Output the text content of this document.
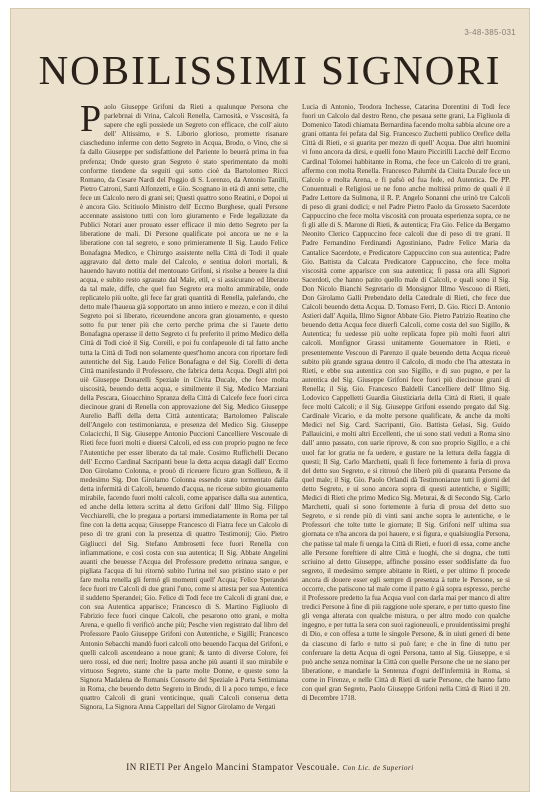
3-48-385-031
NOBILISSIMI SIGNORI

Paolo Giuseppe Grifoni da Rieti a qualunque Persona che parlebrnai di Vrina, Calcoli Renella, Carnosità, e Vsscosità, fa sapere che egli possiede un Segreto con efficace, che coll' aiuto dell' Altissimo, e S. Liborio glorioso, promette risanare ciascheduno inferme con detto Segreto in Acqua, Brodo, o Vino, che si fa dallo Giuseppe per sodisfattione del Pariente lo beuerà prima in fua prefenza; Onde questo gran Segreto è stato sperimentato da molti conforme tiendene da seguiti qui sotto cioè da Bartolomeo Ricci Romano, da Cesare Nardi del Poggio di S. Lorenzo, da Antonio Tanilli, Pietro Catroni, Santi Alfonzetti, e Gio. Scognano in età di anni sette, che fece un Calcolo nero di grani sei; Questi quattro sono Reatini, e Dopoi ui è ancora Gio. Scitiuolo Ministro dell' Eccmo Burghese, quali Persone accennate assistono tutti con loro giuramento e Fede legalizzate da Publici Notari auer prouato esser efficace il mio detto Segreto per la liberatione de mali. Di Persone qualificate poi ancora ue ne e la liberatione con tal segreto, e sono primieramente Il Sig. Laudo Felice Bonafagna Medico, e Chirurgo assistente nella Città di Todi il quale aggravato dal detto male del Calcolo, e sentiua dolori mortali, & hauendo havuto notitia del mentouato Grifoni, si risolse a beuere la diui acqua, e subito resto sgrauato dal Male, etil, e si assicurano ed liberato da tal male, diffe, che quel fuo Segreto era molto ammirabile, onde replicatelo più uolte, gli fece far grati quantità di Renella, palefando, che detto male l'haueua già sopportato un anno intiero e mezzo, e con il dilui Segreto poi si liberato, riceuendone ancora gran giouamento, e questo sotto fu pur tener più che certo perche prima che si l'auete detto Bonafagna operasse il detto Segreto ci fu preferito il primo Medico della Città di Todi cioè il Sig. Coreili, e poi fu confapeuole di tal fatto anche tutta la Città di Todi non solamente quest'homo ancora con riportare fedi autentiche del Sig. Laudo Felice Bonafagna e del Sig. Corelli di detta Città manifestando il Professore, che fabrica detta Acqua. Degli altri poi uiè Giuseppe Donarelli Speziale in Civita Ducale, che fece molta uiscosità, beuendo detta acqua, e similmente il Sig. Medico Marziani della Pescara, Gioacchino Spranza della Città di Calcefe fece fuori circa diecinoue grani di Renella con approvazione del Sig. Medico Giuseppe Aurelio Baffi della detta Città autenticata; Bartolomeo Paliscale dell'Angelo con testimonianza, e presenza del Medico Sig. Giuseppe Colacicchi, Il Sig. Giuseppe Antonio Puccioni Cancelliere Vescouale di Rieti fece fuori molti e diuersi Calcoli, ed ess con proprio pugno ne fece l'Autentiche per esser liberato da tal male. Cosimo Ruffichelli Decano dell' Eccmo Cardinal Sacripanti beue la detta acqua dataglì dall' Eccmo Don Girolamo Colonna, e prouò di riceuere ficuro gran Sollieuo, & il medesimo Sig. Don Girolamo Colonna essendo stato tormentato dalla detta infermità di Calcoli, beuendo d'acqua, ne riceue subito giouamento mirabile, facendo fuori molti calcoli, come apparisce dalla sua autentica, ed anche della lettera scritta al detto Grifoni dall' Illmo Sig. Filippo Vecchiarelli, che lo pregaua a portarsi immediatamente in Roma per tal fine con la detta acqua; Giuseppe Francesco di Fiatra fece un Calcolo di peso di tre grani con la presenza di quattro Testimonij; Gio. Pietro Gigliucci del Sig. Stefano Ambrosetti fece fuori Renella con infiammatione, e così costa con sua autentica; Il Sig. Abbate Angelini auanti che beuesse l'Acqua del Professore predetto orinaua sangue, e pigliata l'acqua di lui ritornò subito l'urina nel suo pristino stato e per fare molta renella gli fermò gli momenti quell' Acqua; Felice Sperandei fece fuori tre Calcoli di due grani l'uno, come si attesta per sua Autentica il suddetto Sperandei; Gio. Felice di Todi fece tre Calcoli di grani due, e con sua Autentica apparisce; Francesco di S. Martino Figliuolo di Fabrizio fece fuori cinque Calcoli, che pesarono otto grani, e molta Arena, e quello fi verificò anche più; Pesche vien registrato dal libro del Professore Paolo Giuseppe Grifoni con Autentiche, e Sigilli; Francesco Antonio Sebacchi mandò fuori calcoli otto beuendo l'acqua del Grifoni, e quelli calcoli ascendeano a noue grani; & tanto di diverse Colore, fei uero rossi, ed due neri; Inoltre passa anche più auanti il suo mirabile e virtuoso Segreto, stante che la parte molte Donne, e queste sono la Signora Madalena de Romanis Consorte del Speziale à Porta Settimiana in Roma, che beuendo detto Segreto in Brodo, di lì a poco tempo, e fece quattro Calcoli di grani venticinque, quali Calcoli conserua detta Signora, La Signora Anna Cappellari del Signor Girolamo de Vergati

Lucia di Antonio, Teodora Inchesse, Catarina Dorentini di Todi fece fuori un Calcolo dal destro Reno, che pesaua sette grani, La Figliuola di Domenico Tatodi chiamata Bernardina facendo molta sabbia alcune ore a grani ottanta fei pefata dal Sig. Francesco Zuchetti publico Orefice della Città di Rieti, e si guarita per mezzo di quell' Acqua. Due altri huomini vi fono ancora da dirsi, e quelli fono Mauro Piccirilli Lacchè dell' Eccmo Cardinal Tolomei habbitante in Roma, che fece un Calcolo di tre grani, affermo con molta Renella. Francesco Palumbi da Ciuita Ducale fece un Calcolo e molta Arena, e fi pafsò ed fua fede, ed Autentica. De PP. Conuentuali e Religiosi ue ne fono anche moltissi primo de quali è il Padre Lettore da Sulmona, il R. P. Angelo Sonanni che urinò tre Calcoli di peso di grani dodici; e nel Padre Pietro Paolo da Grosseto Sacerdote Cappuccino che fece molta viscosità con prouata esperienza sopra, ce ne fi gli alle di S. Marone di Rieti, & autentica; Fra Gio. Felice da Bergamo Neonito Clerico Cappuccino fece calcoli due di peso di tre grani. Il Padre Fernandino Ferdinandi Agostiniano, Padre Felice Maria da Cantalice Sacerdote, e Predicatore Cappuccino con sua autentica; Padre Gio. Battista da Calcata Predicatore Cappuccino, che fece molta viscosità come apparisce con sua autentica; fi passa ora alli Signori Sacerdoti, che hanno patito quello male di Calcoli, e quali sono il Sig. Don Nicolo Bianchi Segretario di Monsignor Illmo Vescouo di Rieti, Don Girolamo Galli Prebendato della Catedrale di Rieti, che fece due Calcoli beuendo detta Acqua. D. Tomaso Ferri, D. Gio. Ricci D. Antonio Astieri dall' Aquila, Illmo Signor Abbate Gio. Pietro Patrizio Reatino che beuendo detta Acqua fece diuerfi Calcoli, come costa del suo Sigillo, & Autentica; fu uedesse più uolte replicata fopre più molti fuori altri calcoli. Monfignor Grassi unitamente Gouernatore in Rieti, e presentemente Vescouo di Parenzo il quale beuendo detta Acqua riceuè subito più grande sgraua dentro il Calcolo, di modo che l'ha attestata in Rieti, e ebbe sua autentica con suo Sigillo, e di suo pugno, e per la autentica del Sig. Giuseppe Grifoni fece fuori più diecinoue grani di Renella; il Sig. Gio. Francesco Baldelli Cancelliere dell' Illmo Sig. Lodovico Cappelletti Guardia Giustiziaria della Città di Rieti, il quale fece molti Calcoli; e il Sig. Giuseppe Grifoni essendo pregato dal Sig. Cardinale Vicario, e da molte persone qualificate, & anche da molti Medici nel Sig. Card. Sacripanti, Gio. Battista Gelasi, Sig. Guido Pallauicini, e molti altri Eccellenti, che ui sono stati veduti a Roma sino dall' anno passato, con uarie riprove, & con suo proprio Sigillo, e a chi uuol far lor gratia ne fa uedere, e gustare ne la lettura della faggia di questi; Il Sig. Carlo Marchetti, quali fi fece fortemente à furia di prova del detto suo Segreto, e si ritrouò che liberò più di quaranta Persone da quel male; il Sig. Gio. Paolo Orlandi dà Testimonianze tutti li giorni del detto Segreto, e ui sono ancora sopra di questi autentiche, e Sigilli; Medici di Rieti che primo Medico Sig. Meturai, & di Secondo Sig. Carlo Marchetti, quali si sono fortemente à furia di proua del detto suo Segreto, e si rende più di vinti sani anche sopra le autentiche, e le Professori che tolte tutte le giornate; Il Sig. Grifoni nell' ultima sua giornata ce n'ha ancora da poi hauere, e si figura, e qualsiuoglia Persona, che patisse tal male fi uenga la Città di Rieti, e fuori di essa, come anche alle Persone foreftiere di altre Città e luoghi, che si dogna, che tutti scriuino al detto Giuseppe, affinche possino esser soddisfatte da fuo segreto, il medesimo sempre abitante in Rieti, e per ultimo fi procede ancora di douere esser egli sempre di presenza à tutte le Persone, se si occorre, che patiscono tal male come il patto è già sopra espresso, perche il Professore predetto la fua Acqua vuol con darla mai per manco di altre tredici Persone à fine di più raggione uole sperare, e per tutto questo fine gli venga alterata con qualche mistura, o per altro modo con qualche ingegno, e per tutta la sera con suoi ragioneuoli, e prouidentissimi preghi di Dio, e con offesa a tutte le singole Persone, & in uiuti generi di bene da ciascuno di farlo e tutto si può fare; e che in fine di tutto per conferuare la detta Acqua di ogni Persona, tanto al Sig. Giuseppe, e si può anche senza nominar la Città con quelle Persone che ue ne siano per liberatione, e mandarle la Sentenza d'ogni dell'infermità in Roma, sì come in Firenze, e nelle Città di Rieti di uarie Persone, che hanno fatto con quel gran Segreto, Paolo Giuseppe Grifoni nella Città di Rieti il 20. di Decembre 1718.

IN RIETI Per Angelo Mancini Stampator Vescouale. Con Lic. de Superiori
